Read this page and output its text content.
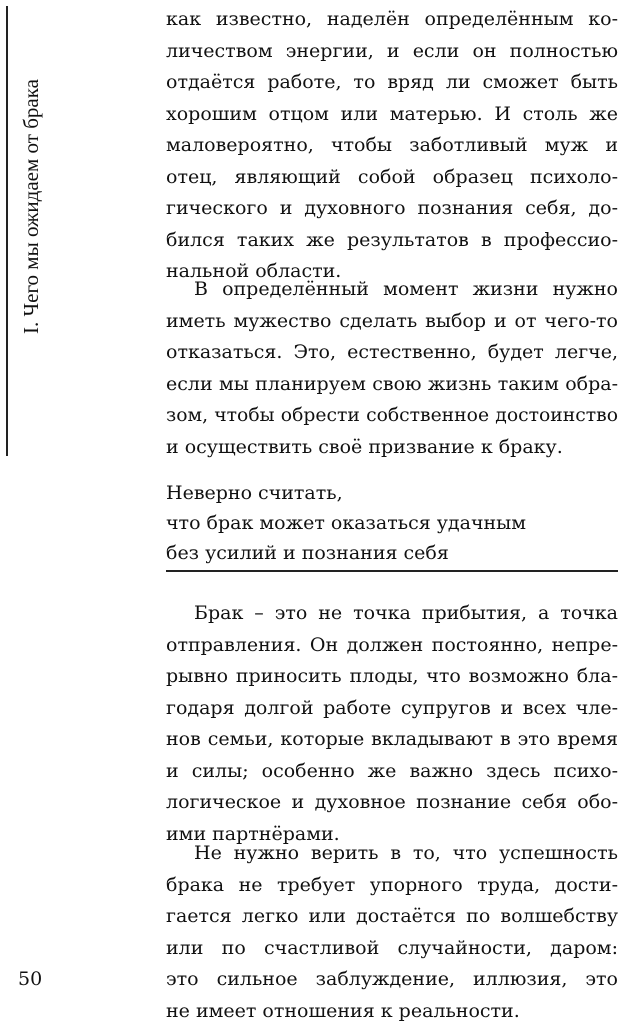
I. Чего мы ожидаем от брака
50

как известно, наделён определённым ко-
личеством энергии, и если он полностью
отдаётся работе, то вряд ли сможет быть
хорошим отцом или матерью. И столь же
маловероятно, чтобы заботливый муж и
отец, являющий собой образец психоло-
гического и духовного познания себя, до-
бился таких же результатов в профессио-
нальной области.

В определённый момент жизни нужно
иметь мужество сделать выбор и от чего-то
отказаться. Это, естественно, будет легче,
если мы планируем свою жизнь таким обра-
зом, чтобы обрести собственное достоинство
и осуществить своё призвание к браку.

Неверно считать,
что брак может оказаться удачным
без усилий и познания себя

Брак – это не точка прибытия, а точка
отправления. Он должен постоянно, непре-
рывно приносить плоды, что возможно бла-
годаря долгой работе супругов и всех чле-
нов семьи, которые вкладывают в это время
и силы; особенно же важно здесь психо-
логическое и духовное познание себя обо-
ими партнёрами.

Не нужно верить в то, что успешность
брака не требует упорного труда, дости-
гается легко или достаётся по волшебству
или по счастливой случайности, даром:
это сильное заблуждение, иллюзия, это
не имеет отношения к реальности.
